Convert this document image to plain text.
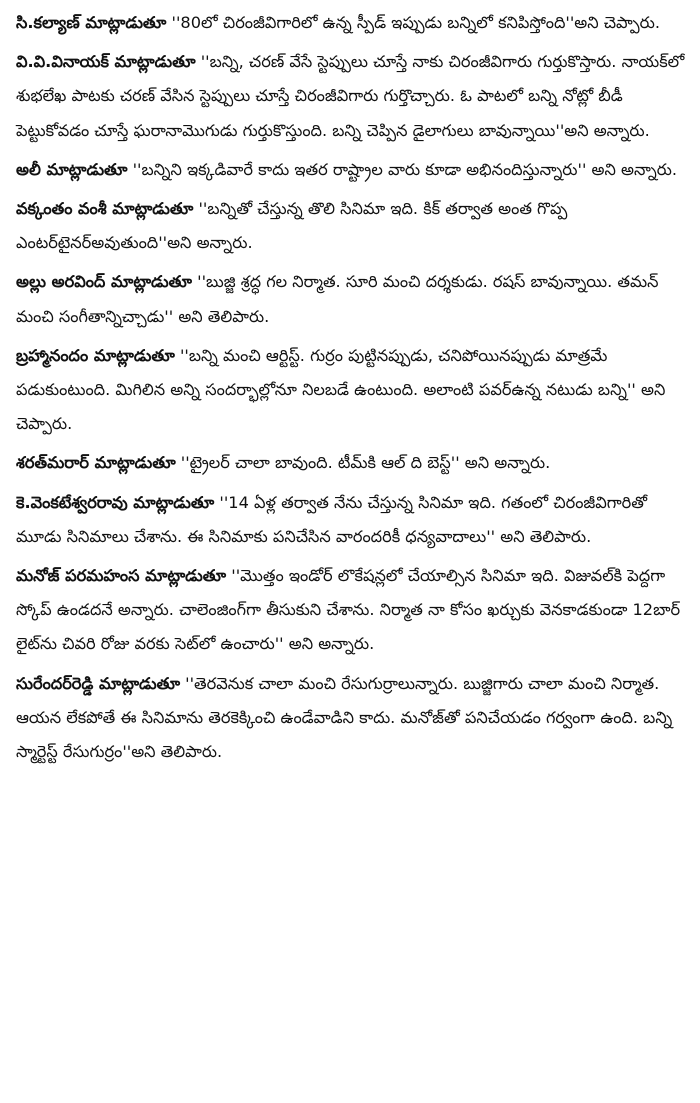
సి.కల్యాణ్ మాట్లాడుతూ ''80లో చిరంజీవిగారిలో ఉన్న స్పీడ్ ఇప్పుడు బన్నిలో కనిపిస్తోంది''అని చెప్పారు.

వి.వి.వినాయక్ మాట్లాడుతూ ''బన్ని, చరణ్ వేసే స్టెప్పులు చూస్తే నాకు చిరంజీవిగారు గుర్తుకొస్తారు. నాయక్‌లో శుభలేఖ పాటకు చరణ్ వేసిన స్టెప్పులు చూస్తే చిరంజీవిగారు గుర్తొచ్చారు. ఓ పాటలో బన్ని నోట్లో బీడీ పెట్టుకోవడం చూస్తే ఘరానామొగుడు గుర్తుకొస్తుంది. బన్ని చెప్పిన డైలాగులు బావున్నాయి''అని అన్నారు.

అలీ మాట్లాడుతూ ''బన్నిని ఇక్కడివారే కాదు ఇతర రాష్ట్రాల వారు కూడా అభినందిస్తున్నారు'' అని అన్నారు.

వక్కంతం వంశీ మాట్లాడుతూ ''బన్నితో చేస్తున్న తొలి సినిమా ఇది. కిక్ తర్వాత అంత గొప్ప ఎంటర్‌టైనర్‌అవుతుంది''అని అన్నారు.

అల్లు అరవింద్ మాట్లాడుతూ ''బుజ్జి శ్రద్ధ గల నిర్మాత. సూరి మంచి దర్శకుడు. రషస్ బావున్నాయి. తమన్ మంచి సంగీతాన్నిచ్చాడు'' అని తెలిపారు.

బ్రహ్మానందం మాట్లాడుతూ ''బన్ని మంచి ఆర్టిస్ట్. గుర్రం పుట్టినప్పుడు, చనిపోయినప్పుడు మాత్రమే పడుకుంటుంది. మిగిలిన అన్ని సందర్భాల్లోనూ నిలబడే ఉంటుంది. అలాంటి పవర్‌ఉన్న నటుడు బన్ని'' అని చెప్పారు.

శరత్‌మరార్ మాట్లాడుతూ ''ట్రైలర్ చాలా బావుంది. టీమ్‌కి ఆల్ ది బెస్ట్'' అని అన్నారు.

కె.వెంకటేశ్వరరావు మాట్లాడుతూ ''14 ఏళ్ల తర్వాత నేను చేస్తున్న సినిమా ఇది. గతంలో చిరంజీవిగారితో మూడు సినిమాలు చేశాను. ఈ సినిమాకు పనిచేసిన వారందరికీ ధన్యవాదాలు'' అని తెలిపారు.

మనోజ్ పరమహంస మాట్లాడుతూ ''మొత్తం ఇండోర్ లొకేషన్లలో చేయాల్సిన సినిమా ఇది. విజువల్‌కి పెద్దగా స్కోప్ ఉండదనే అన్నారు. చాలెంజింగ్‌గా తీసుకుని చేశాను. నిర్మాత నా కోసం ఖర్చుకు వెనకాడకుండా 12బార్ లైట్‌ను చివరి రోజు వరకు సెట్‌లో ఉంచారు'' అని అన్నారు.

సురేందర్‌రెడ్డి మాట్లాడుతూ ''తెరవెనుక చాలా మంచి రేసుగుర్రాలున్నారు. బుజ్జిగారు చాలా మంచి నిర్మాత. ఆయన లేకపోతే ఈ సినిమాను తెరకెక్కించి ఉండేవాడిని కాదు. మనోజ్‌తో పనిచేయడం గర్వంగా ఉంది. బన్ని స్మార్టెస్ట్ రేసుగుర్రం''అని తెలిపారు.
